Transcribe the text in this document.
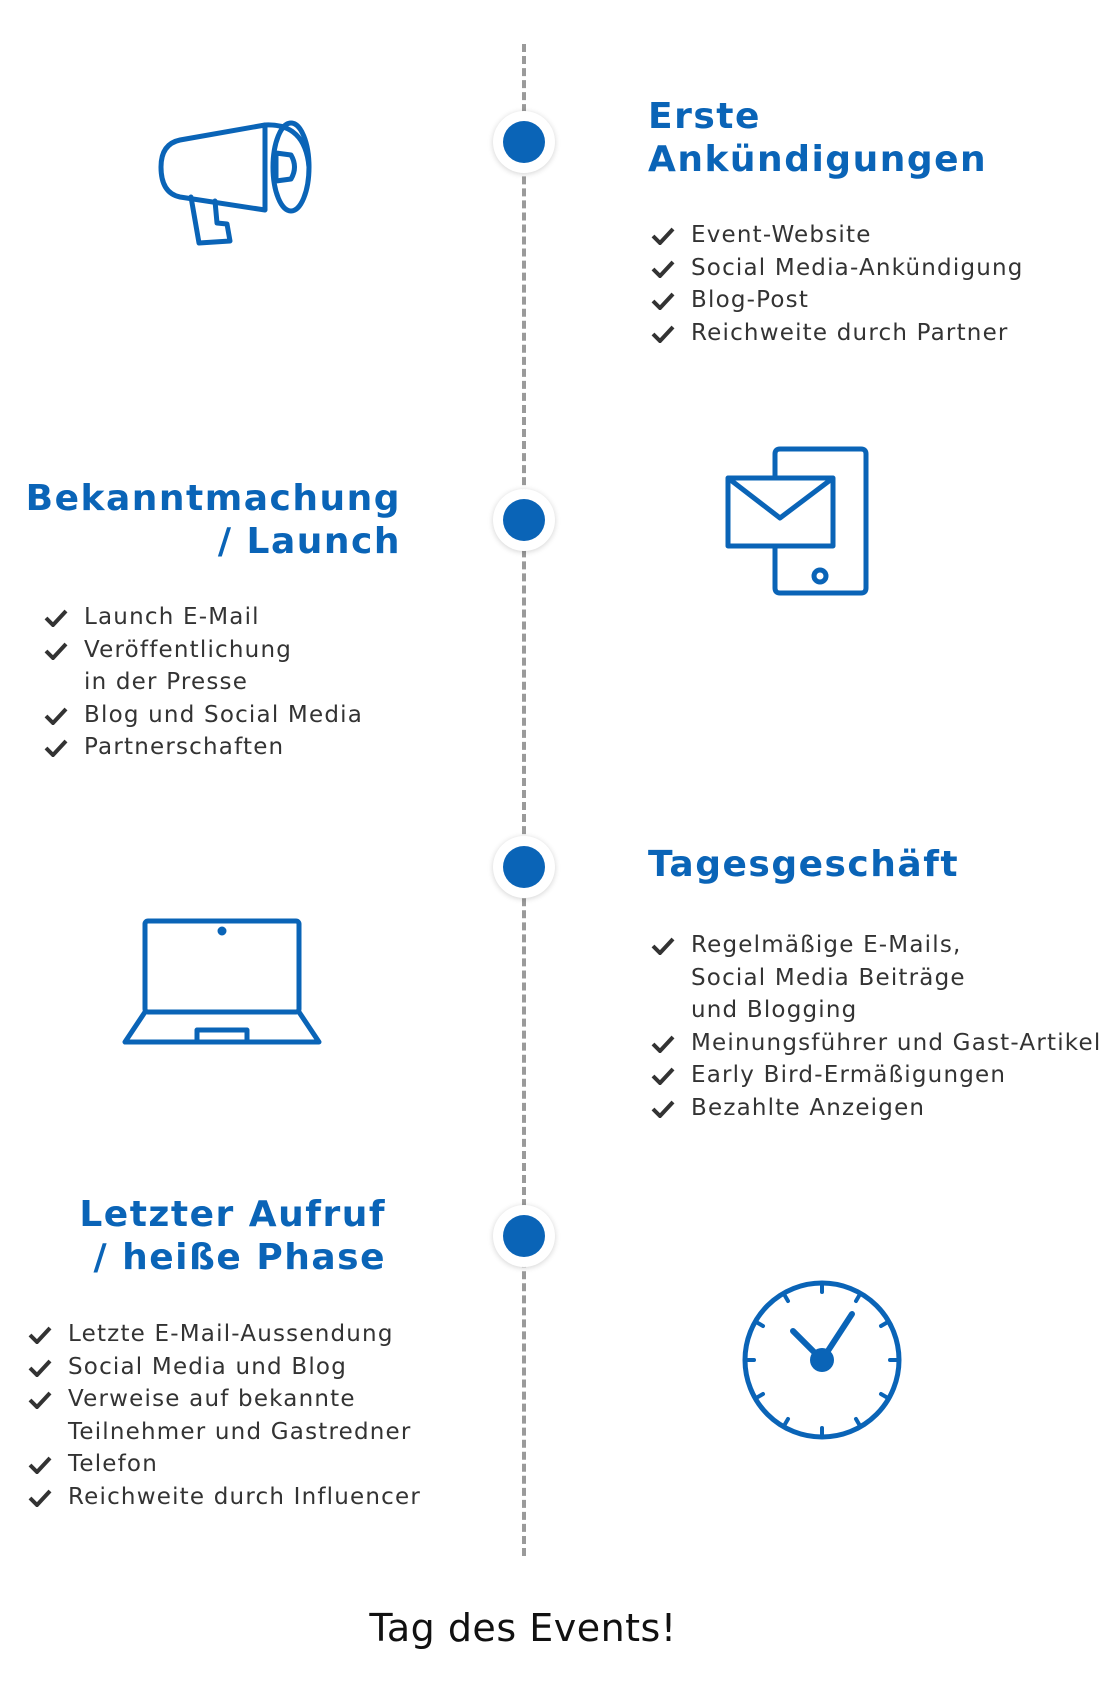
Erste
Ankündigungen
Event-Website
Social Media-Ankündigung
Blog-Post
Reichweite durch Partner
Bekanntmachung
/ Launch
Launch E-Mail
Veröffentlichung
in der Presse
Blog und Social Media
Partnerschaften
Tagesgeschäft
Regelmäßige E-Mails,
Social Media Beiträge
und Blogging
Meinungsführer und Gast-Artikel
Early Bird-Ermäßigungen
Bezahlte Anzeigen
Letzter Aufruf
/ heiße Phase
Letzte E-Mail-Aussendung
Social Media und Blog
Verweise auf bekannte
Teilnehmer und Gastredner
Telefon
Reichweite durch Influencer
Tag des Events!
